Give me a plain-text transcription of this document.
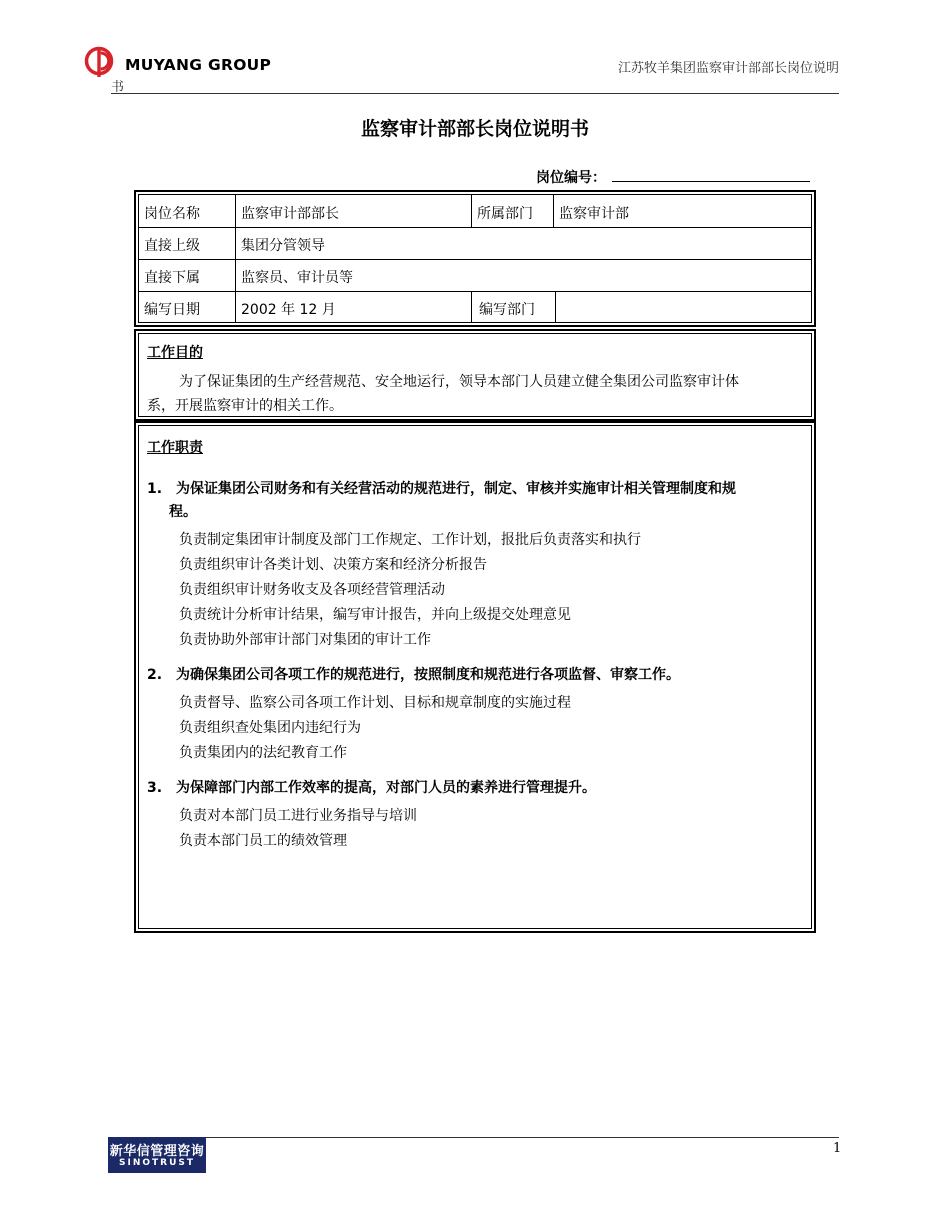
MUYANG GROUP	江苏牧羊集团监察审计部部长岗位说明
书
监察审计部部长岗位说明书
岗位编号：
岗位名称	监察审计部部长	所属部门 监察审计部
直接上级	集团分管领导
直接下属	监察员、审计员等
编写日期	2002 年 12 月	编写部门
工作目的
为了保证集团的生产经营规范、安全地运行，领导本部门人员建立健全集团公司监察审计体
系，开展监察审计的相关工作。
工作职责
1. 为保证集团公司财务和有关经营活动的规范进行，制定、审核并实施审计相关管理制度和规
程。
负责制定集团审计制度及部门工作规定、工作计划，报批后负责落实和执行
负责组织审计各类计划、决策方案和经济分析报告
负责组织审计财务收支及各项经营管理活动
负责统计分析审计结果，编写审计报告，并向上级提交处理意见
负责协助外部审计部门对集团的审计工作
2. 为确保集团公司各项工作的规范进行，按照制度和规范进行各项监督、审察工作。
负责督导、监察公司各项工作计划、目标和规章制度的实施过程
负责组织查处集团内违纪行为
负责集团内的法纪教育工作
3. 为保障部门内部工作效率的提高，对部门人员的素养进行管理提升。
负责对本部门员工进行业务指导与培训
负责本部门员工的绩效管理
新华信管理咨询
SINOTRUST
1
